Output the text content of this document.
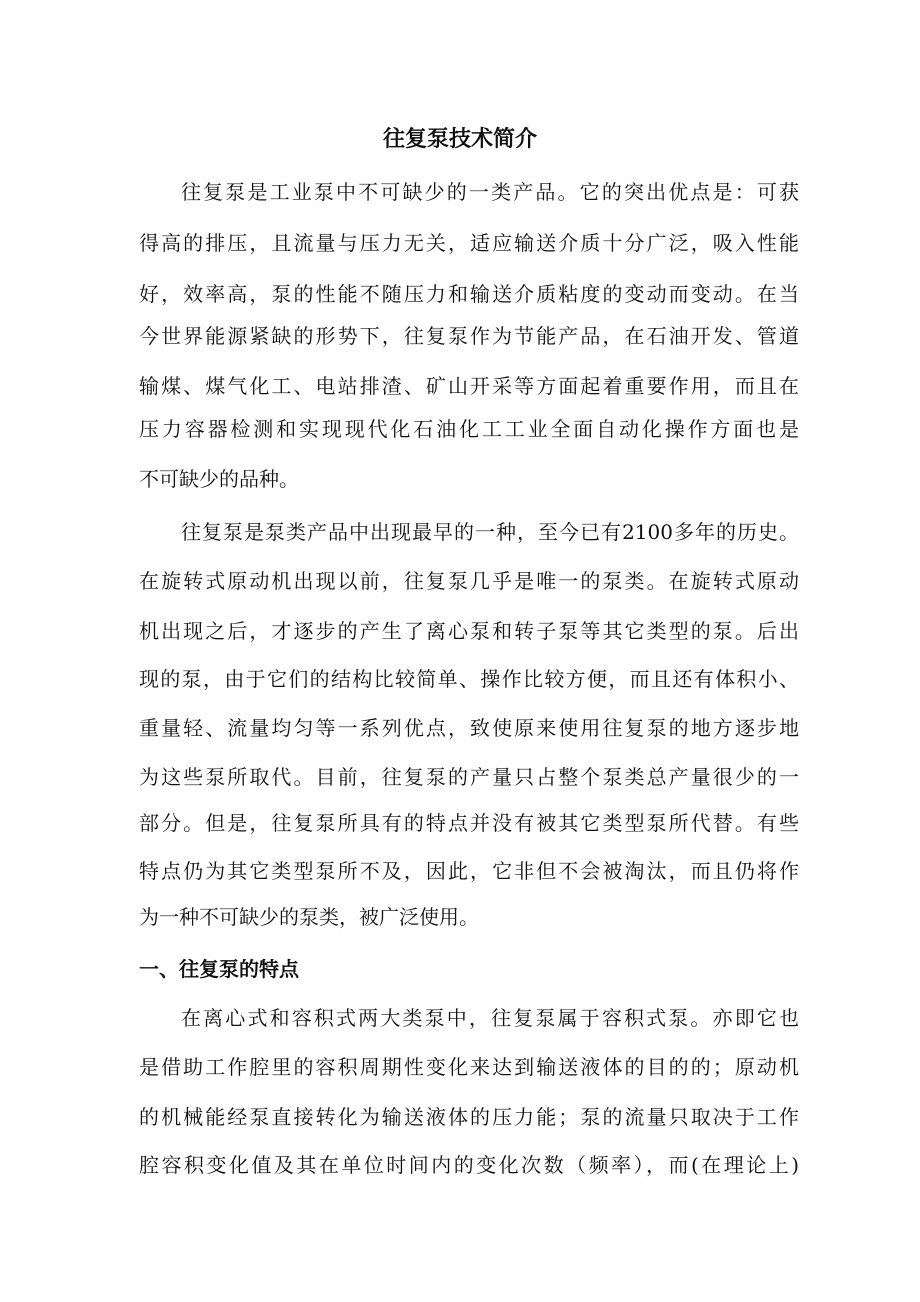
往复泵技术简介
往复泵是工业泵中不可缺少的一类产品。它的突出优点是：可获
得高的排压，且流量与压力无关，适应输送介质十分广泛，吸入性能
好，效率高，泵的性能不随压力和输送介质粘度的变动而变动。在当
今世界能源紧缺的形势下，往复泵作为节能产品，在石油开发、管道
输煤、煤气化工、电站排渣、矿山开采等方面起着重要作用，而且在
压力容器检测和实现现代化石油化工工业全面自动化操作方面也是
不可缺少的品种。
往复泵是泵类产品中出现最早的一种，至今已有2100多年的历史。
在旋转式原动机出现以前，往复泵几乎是唯一的泵类。在旋转式原动
机出现之后，才逐步的产生了离心泵和转子泵等其它类型的泵。后出
现的泵，由于它们的结构比较简单、操作比较方便，而且还有体积小、
重量轻、流量均匀等一系列优点，致使原来使用往复泵的地方逐步地
为这些泵所取代。目前，往复泵的产量只占整个泵类总产量很少的一
部分。但是，往复泵所具有的特点并没有被其它类型泵所代替。有些
特点仍为其它类型泵所不及，因此，它非但不会被淘汰，而且仍将作
为一种不可缺少的泵类，被广泛使用。
一、往复泵的特点
在离心式和容积式两大类泵中，往复泵属于容积式泵。亦即它也
是借助工作腔里的容积周期性变化来达到输送液体的目的的；原动机
的机械能经泵直接转化为输送液体的压力能；泵的流量只取决于工作
腔容积变化值及其在单位时间内的变化次数（频率），而(在理论上)
